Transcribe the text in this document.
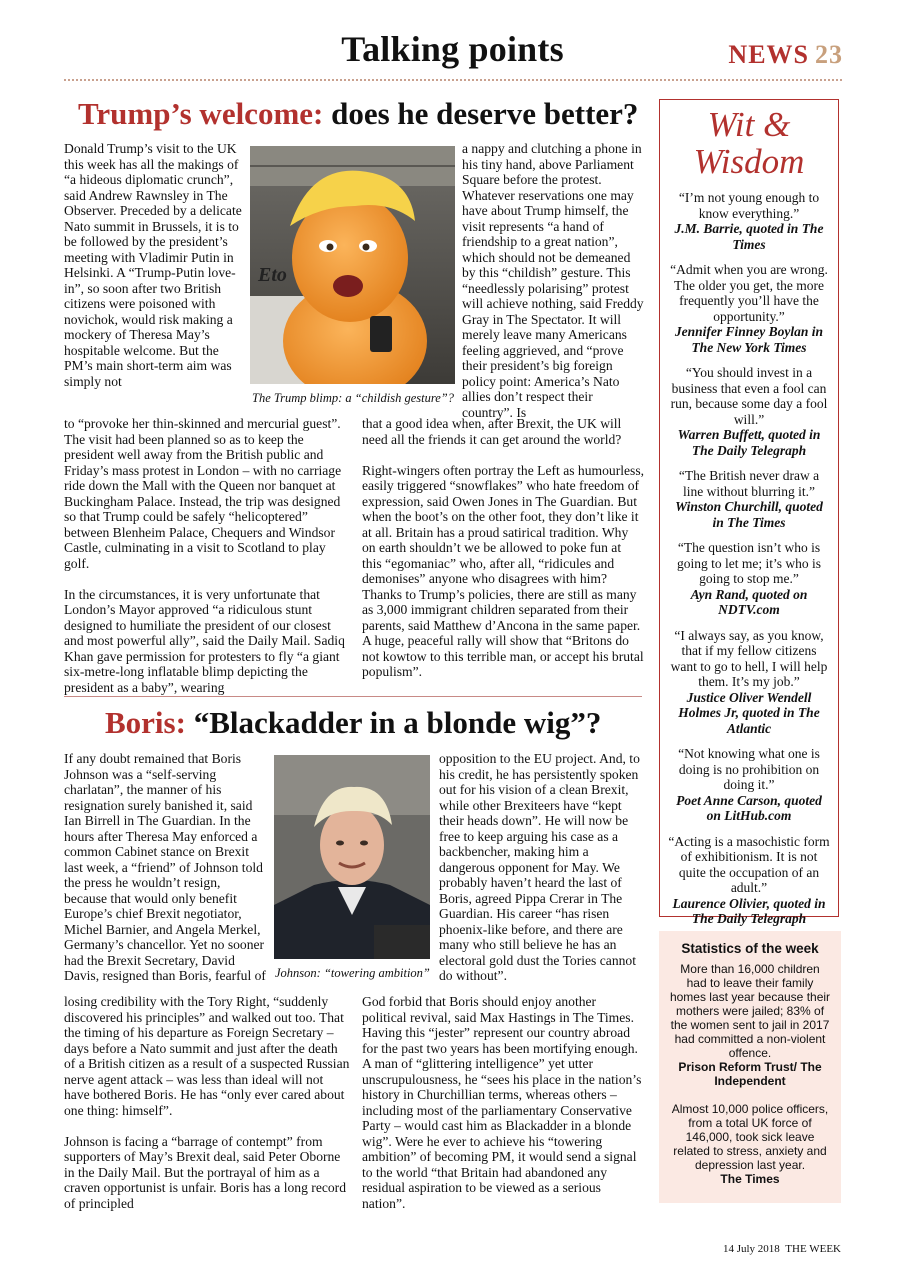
Talking points	NEWS 23
Trump’s welcome: does he deserve better?
Donald Trump’s visit to the UK this week has all the makings of “a hideous diplomatic crunch”, said Andrew Rawnsley in The Observer. Preceded by a delicate Nato summit in Brussels, it is to be followed by the president’s meeting with Vladimir Putin in Helsinki. A “Trump-Putin love-in”, so soon after two British citizens were poisoned with novichok, would risk making a mockery of Theresa May’s hospitable welcome. But the PM’s main short-term aim was simply not
Eto
The Trump blimp: a “childish gesture”?
a nappy and clutching a phone in his tiny hand, above Parliament Square before the protest. Whatever reservations one may have about Trump himself, the visit represents “a hand of friendship to a great nation”, which should not be demeaned by this “childish” gesture. This “needlessly polarising” protest will achieve nothing, said Freddy Gray in The Spectator. It will merely leave many Americans feeling aggrieved, and “prove their president’s big foreign policy point: America’s Nato allies don’t respect their country”. Is

to “provoke her thin-skinned and mercurial guest”. The visit had been planned so as to keep the president well away from the British public and Friday’s mass protest in London – with no carriage ride down the Mall with the Queen nor banquet at Buckingham Palace. Instead, the trip was designed so that Trump could be safely “helicoptered” between Blenheim Palace, Chequers and Windsor Castle, culminating in a visit to Scotland to play golf.

In the circumstances, it is very unfortunate that London’s Mayor approved “a ridiculous stunt designed to humiliate the president of our closest and most powerful ally”, said the Daily Mail. Sadiq Khan gave permission for protesters to fly “a giant six-metre-long inflatable blimp depicting the president as a baby”, wearing

that a good idea when, after Brexit, the UK will need all the friends it can get around the world?

Right-wingers often portray the Left as humourless, easily triggered “snowflakes” who hate freedom of expression, said Owen Jones in The Guardian. But when the boot’s on the other foot, they don’t like it at all. Britain has a proud satirical tradition. Why on earth shouldn’t we be allowed to poke fun at this “egomaniac” who, after all, “ridicules and demonises” anyone who disagrees with him? Thanks to Trump’s policies, there are still as many as 3,000 immigrant children separated from their parents, said Matthew d’Ancona in the same paper. A huge, peaceful rally will show that “Britons do not kowtow to this terrible man, or accept his brutal populism”.

Boris: “Blackadder in a blonde wig”?
If any doubt remained that Boris Johnson was a “self-serving charlatan”, the manner of his resignation surely banished it, said Ian Birrell in The Guardian. In the hours after Theresa May enforced a common Cabinet stance on Brexit last week, a “friend” of Johnson told the press he wouldn’t resign, because that would only benefit Europe’s chief Brexit negotiator, Michel Barnier, and Angela Merkel, Germany’s chancellor. Yet no sooner had the Brexit Secretary, David Davis, resigned than Boris, fearful of Johnson: “towering ambition”
opposition to the EU project. And, to his credit, he has persistently spoken out for his vision of a clean Brexit, while other Brexiteers have “kept their heads down”. He will now be free to keep arguing his case as a backbencher, making him a dangerous opponent for May. We probably haven’t heard the last of Boris, agreed Pippa Crerar in The Guardian. His career “has risen phoenix-like before, and there are many who still believe he has an electoral gold dust the Tories cannot do without”.

losing credibility with the Tory Right, “suddenly discovered his principles” and walked out too. That the timing of his departure as Foreign Secretary – days before a Nato summit and just after the death of a British citizen as a result of a suspected Russian nerve agent attack – was less than ideal will not have bothered Boris. He has “only ever cared about one thing: himself”.

Johnson is facing a “barrage of contempt” from supporters of May’s Brexit deal, said Peter Oborne in the Daily Mail. But the portrayal of him as a craven opportunist is unfair. Boris has a long record of principled

God forbid that Boris should enjoy another political revival, said Max Hastings in The Times. Having this “jester” represent our country abroad for the past two years has been mortifying enough. A man of “glittering intelligence” yet utter unscrupulousness, he “sees his place in the nation’s history in Churchillian terms, whereas others – including most of the parliamentary Conservative Party – would cast him as Blackadder in a blonde wig”. Were he ever to achieve his “towering ambition” of becoming PM, it would send a signal to the world “that Britain had abandoned any residual aspiration to be viewed as a serious nation”.

Wit &
Wisdom
“I’m not young enough to know everything.”
J.M. Barrie, quoted in The Times
“Admit when you are wrong. The older you get, the more frequently you’ll have the opportunity.”
Jennifer Finney Boylan in The New York Times
“You should invest in a business that even a fool can run, because some day a fool will.”
Warren Buffett, quoted in The Daily Telegraph
“The British never draw a line without blurring it.”
Winston Churchill, quoted in The Times
“The question isn’t who is going to let me; it’s who is going to stop me.”
Ayn Rand, quoted on NDTV.com
“I always say, as you know, that if my fellow citizens want to go to hell, I will help them. It’s my job.”
Justice Oliver Wendell Holmes Jr, quoted in The Atlantic
“Not knowing what one is doing is no prohibition on doing it.”
Poet Anne Carson, quoted on LitHub.com
“Acting is a masochistic form of exhibitionism. It is not quite the occupation of an adult.”
Laurence Olivier, quoted in The Daily Telegraph
Statistics of the week
More than 16,000 children had to leave their family homes last year because their mothers were jailed; 83% of the women sent to jail in 2017 had committed a non-violent offence.
Prison Reform Trust/ The Independent
Almost 10,000 police officers, from a total UK force of 146,000, took sick leave related to stress, anxiety and depression last year.
The Times
14 July 2018 THE WEEK
